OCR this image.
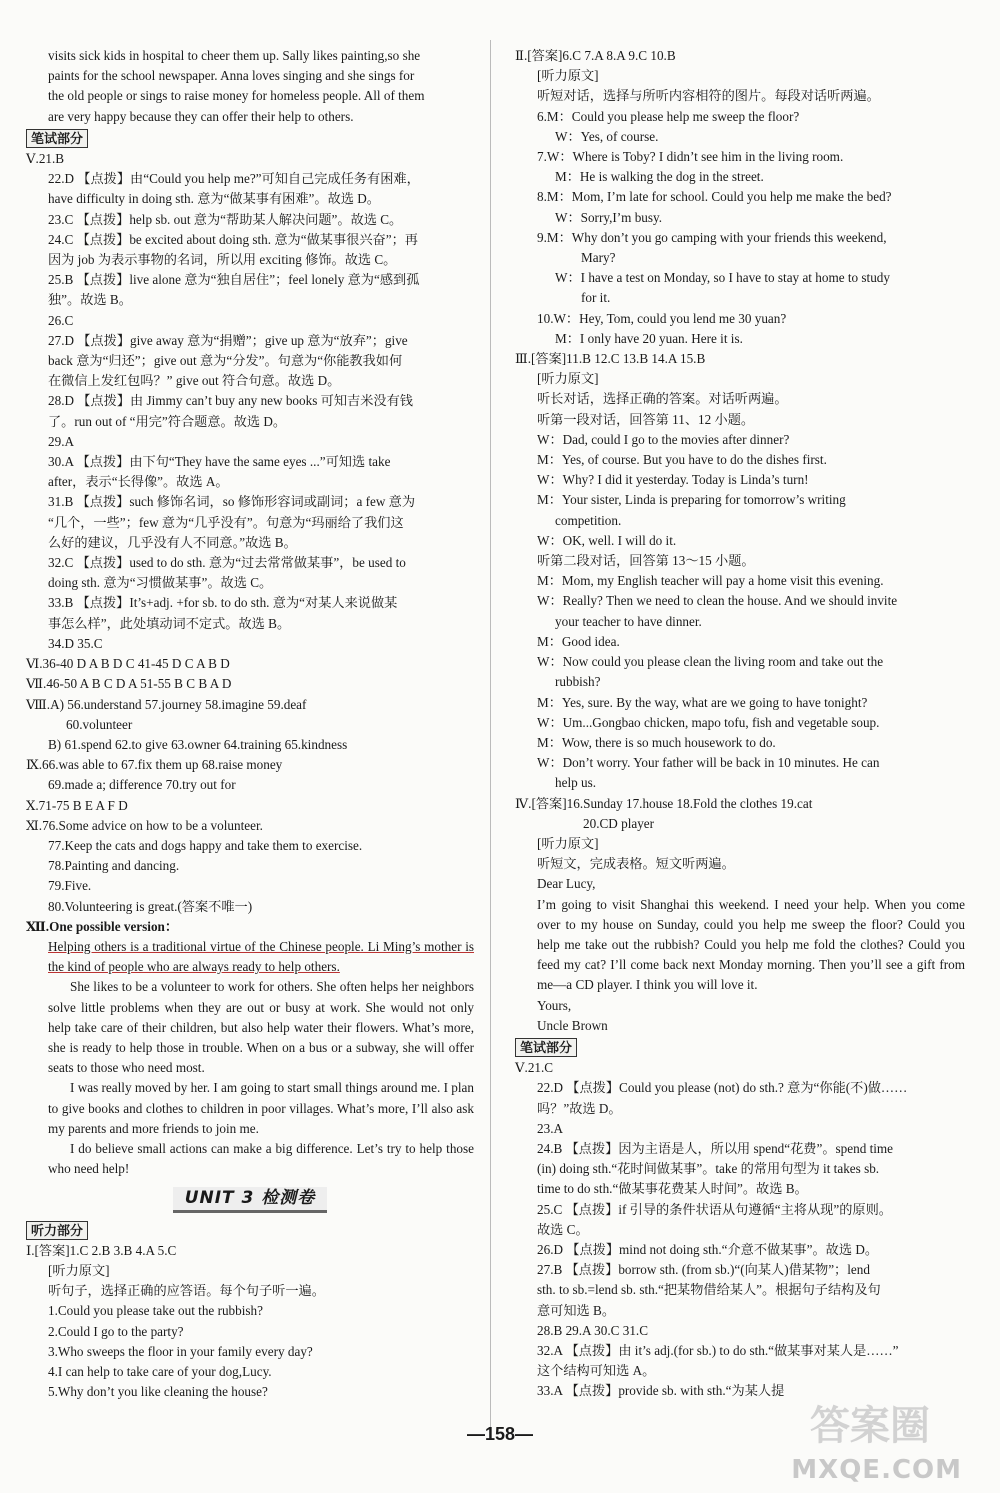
visits sick kids in hospital to cheer them up. Sally likes painting,so she

paints for the school newspaper. Anna loves singing and she sings for

the old people or sings to raise money for homeless people. All of them

are very happy because they can offer their help to others.

笔试部分

Ⅴ.21.B

22.D 【点拨】由“Could you help me?”可知自己完成任务有困难，

have difficulty in doing sth. 意为“做某事有困难”。故选 D。

23.C 【点拨】help sb. out 意为“帮助某人解决问题”。故选 C。

24.C 【点拨】be excited about doing sth. 意为“做某事很兴奋”；再

因为 job 为表示事物的名词，所以用 exciting 修饰。故选 C。

25.B 【点拨】live alone 意为“独自居住”；feel lonely 意为“感到孤

独”。故选 B。

26.C

27.D 【点拨】give away 意为“捐赠”；give up 意为“放弃”；give

back 意为“归还”；give out 意为“分发”。句意为“你能教我如何

在微信上发红包吗？” give out 符合句意。故选 D。

28.D 【点拨】由 Jimmy can’t buy any new books 可知吉米没有钱

了。run out of “用完”符合题意。故选 D。

29.A

30.A 【点拨】由下句“They have the same eyes ...”可知选 take

after，表示“长得像”。故选 A。

31.B 【点拨】such 修饰名词，so 修饰形容词或副词；a few 意为

“几个，一些”；few 意为“几乎没有”。句意为“玛丽给了我们这

么好的建议，几乎没有人不同意。”故选 B。

32.C 【点拨】used to do sth. 意为“过去常常做某事”，be used to

doing sth. 意为“习惯做某事”。故选 C。

33.B 【点拨】It’s+adj. +for sb. to do sth. 意为“对某人来说做某

事怎么样”，此处填动词不定式。故选 B。

34.D 35.C

Ⅵ.36-40 D A B D C 41-45 D C A B D

Ⅶ.46-50 A B C D A 51-55 B C B A D

Ⅷ.A) 56.understand 57.journey 58.imagine 59.deaf

60.volunteer

B) 61.spend 62.to give 63.owner 64.training 65.kindness

Ⅸ.66.was able to 67.fix them up 68.raise money

69.made a; difference 70.try out for

Ⅹ.71-75 B E A F D

Ⅺ.76.Some advice on how to be a volunteer.

77.Keep the cats and dogs happy and take them to exercise.

78.Painting and dancing.

79.Five.

80.Volunteering is great.(答案不唯一)

Ⅻ.One possible version：

Helping others is a traditional virtue of the Chinese people. Li Ming’s mother is the kind of people who are always ready to help others.

She likes to be a volunteer to work for others. She often helps her neighbors solve little problems when they are out or busy at work. She would not only help take care of their children, but also help water their flowers. What’s more, she is ready to help those in trouble. When on a bus or a subway, she will offer seats to those who need most.

I was really moved by her. I am going to start small things around me. I plan to give books and clothes to children in poor villages. What’s more, I’ll also ask my parents and more friends to join me.

I do believe small actions can make a big difference. Let’s try to help those who need help!

UNIT 3 检测卷
听力部分

Ⅰ.[答案]1.C 2.B 3.B 4.A 5.C

[听力原文]

听句子，选择正确的应答语。每个句子听一遍。

1.Could you please take out the rubbish?

2.Could I go to the party?

3.Who sweeps the floor in your family every day?

4.I can help to take care of your dog,Lucy.

5.Why don’t you like cleaning the house?

Ⅱ.[答案]6.C 7.A 8.A 9.C 10.B

[听力原文]

听短对话，选择与所听内容相符的图片。每段对话听两遍。

6.M：Could you please help me sweep the floor?

W：Yes, of course.

7.W：Where is Toby? I didn’t see him in the living room.

M：He is walking the dog in the street.

8.M：Mom, I’m late for school. Could you help me make the bed?

W：Sorry,I’m busy.

9.M：Why don’t you go camping with your friends this weekend,

Mary?

W：I have a test on Monday, so I have to stay at home to study

for it.

10.W：Hey, Tom, could you lend me 30 yuan?

M：I only have 20 yuan. Here it is.

Ⅲ.[答案]11.B 12.C 13.B 14.A 15.B

[听力原文]

听长对话，选择正确的答案。对话听两遍。

听第一段对话，回答第 11、12 小题。

W：Dad, could I go to the movies after dinner?

M：Yes, of course. But you have to do the dishes first.

W：Why? I did it yesterday. Today is Linda’s turn!

M：Your sister, Linda is preparing for tomorrow’s writing

competition.

W：OK, well. I will do it.

听第二段对话，回答第 13～15 小题。

M：Mom, my English teacher will pay a home visit this evening.

W：Really? Then we need to clean the house. And we should invite

your teacher to have dinner.

M：Good idea.

W：Now could you please clean the living room and take out the

rubbish?

M：Yes, sure. By the way, what are we going to have tonight?

W：Um...Gongbao chicken, mapo tofu, fish and vegetable soup.

M：Wow, there is so much housework to do.

W：Don’t worry. Your father will be back in 10 minutes. He can

help us.

Ⅳ.[答案]16.Sunday 17.house 18.Fold the clothes 19.cat

20.CD player

[听力原文]

听短文，完成表格。短文听两遍。

Dear Lucy,

I’m going to visit Shanghai this weekend. I need your help. When you come over to my house on Sunday, could you help me sweep the floor? Could you help me take out the rubbish? Could you help me fold the clothes? Could you feed my cat? I’ll come back next Monday morning. Then you’ll see a gift from me—a CD player. I think you will love it.

Yours,

Uncle Brown

笔试部分

Ⅴ.21.C

22.D 【点拨】Could you please (not) do sth.? 意为“你能(不)做……

吗？”故选 D。

23.A

24.B 【点拨】因为主语是人，所以用 spend“花费”。spend time

(in) doing sth.“花时间做某事”。take 的常用句型为 it takes sb.

time to do sth.“做某事花费某人时间”。故选 B。

25.C 【点拨】if 引导的条件状语从句遵循“主将从现”的原则。

故选 C。

26.D 【点拨】mind not doing sth.“介意不做某事”。故选 D。

27.B 【点拨】borrow sth. (from sb.)“(向某人)借某物”；lend

sth. to sb.=lend sb. sth.“把某物借给某人”。根据句子结构及句

意可知选 B。

28.B 29.A 30.C 31.C

32.A 【点拨】由 it’s adj.(for sb.) to do sth.“做某事对某人是……”

这个结构可知选 A。

33.A 【点拨】provide sb. with sth.“为某人提

—158—	答案圈
MXQE.COM
